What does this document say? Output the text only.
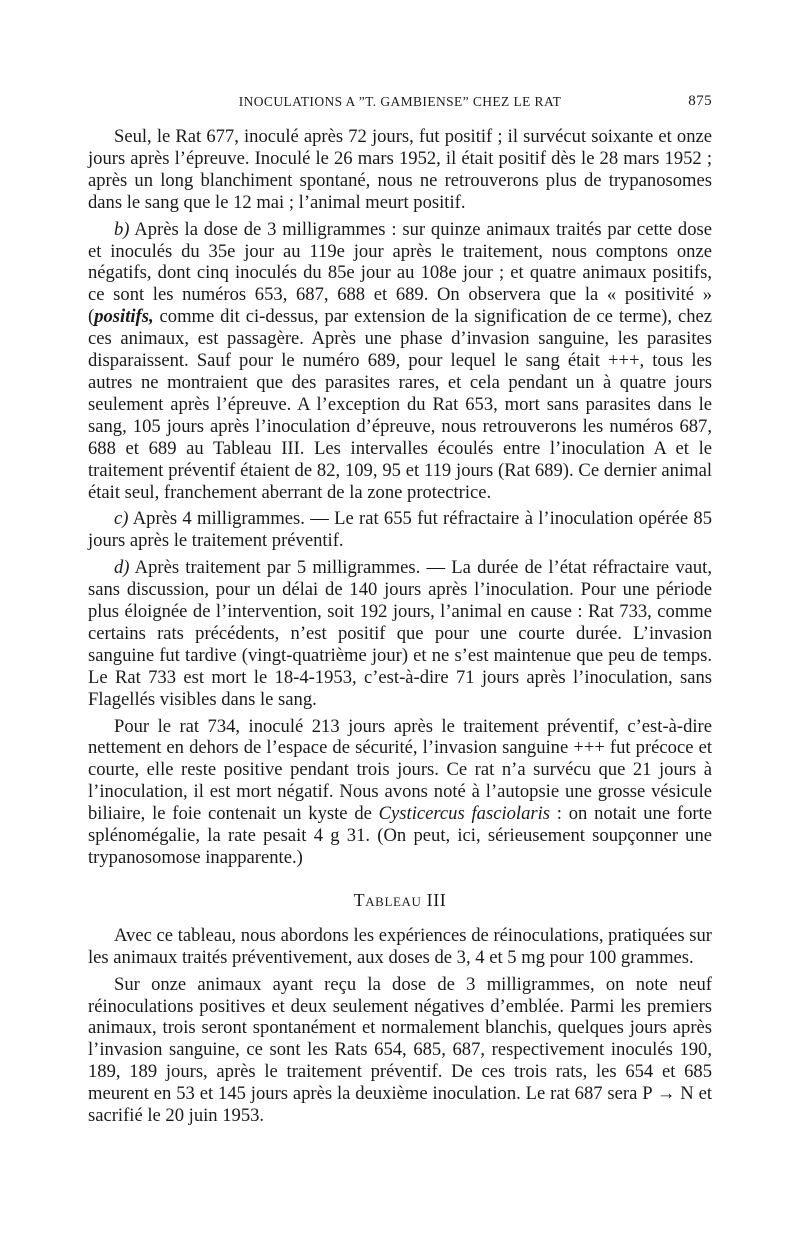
INOCULATIONS A ”T. GAMBIENSE” CHEZ LE RAT	875

Seul, le Rat 677, inoculé après 72 jours, fut positif ; il survécut soixante et onze jours après l’épreuve. Inoculé le 26 mars 1952, il était positif dès le 28 mars 1952 ; après un long blanchiment spontané, nous ne retrouverons plus de trypanosomes dans le sang que le 12 mai ; l’animal meurt positif.

b) Après la dose de 3 milligrammes : sur quinze animaux traités par cette dose et inoculés du 35e jour au 119e jour après le traitement, nous comptons onze négatifs, dont cinq inoculés du 85e jour au 108e jour ; et quatre animaux positifs, ce sont les numéros 653, 687, 688 et 689. On observera que la « positivité » (positifs, comme dit ci-dessus, par extension de la signification de ce terme), chez ces animaux, est passagère. Après une phase d’invasion sanguine, les parasites disparaissent. Sauf pour le numéro 689, pour lequel le sang était +++, tous les autres ne montraient que des parasites rares, et cela pendant un à quatre jours seulement après l’épreuve. A l’exception du Rat 653, mort sans parasites dans le sang, 105 jours après l’inoculation d’épreuve, nous retrouverons les numéros 687, 688 et 689 au Tableau III. Les intervalles écoulés entre l’inoculation A et le traitement préventif étaient de 82, 109, 95 et 119 jours (Rat 689). Ce dernier animal était seul, franchement aberrant de la zone protectrice.

c) Après 4 milligrammes. — Le rat 655 fut réfractaire à l’inoculation opérée 85 jours après le traitement préventif.

d) Après traitement par 5 milligrammes. — La durée de l’état réfractaire vaut, sans discussion, pour un délai de 140 jours après l’inoculation. Pour une période plus éloignée de l’intervention, soit 192 jours, l’animal en cause : Rat 733, comme certains rats précédents, n’est positif que pour une courte durée. L’invasion sanguine fut tardive (vingt-quatrième jour) et ne s’est maintenue que peu de temps. Le Rat 733 est mort le 18-4-1953, c’est-à-dire 71 jours après l’inoculation, sans Flagellés visibles dans le sang.

Pour le rat 734, inoculé 213 jours après le traitement préventif, c’est-à-dire nettement en dehors de l’espace de sécurité, l’invasion sanguine +++ fut précoce et courte, elle reste positive pendant trois jours. Ce rat n’a survécu que 21 jours à l’inoculation, il est mort négatif. Nous avons noté à l’autopsie une grosse vésicule biliaire, le foie contenait un kyste de Cysticercus fasciolaris : on notait une forte splénomégalie, la rate pesait 4 g 31. (On peut, ici, sérieusement soupçonner une trypanosomose inapparente.)

Tableau III

Avec ce tableau, nous abordons les expériences de réinoculations, pratiquées sur les animaux traités préventivement, aux doses de 3, 4 et 5 mg pour 100 grammes.

Sur onze animaux ayant reçu la dose de 3 milligrammes, on note neuf réinoculations positives et deux seulement négatives d’emblée. Parmi les premiers animaux, trois seront spontanément et normalement blanchis, quelques jours après l’invasion sanguine, ce sont les Rats 654, 685, 687, respectivement inoculés 190, 189, 189 jours, après le traitement préventif. De ces trois rats, les 654 et 685 meurent en 53 et 145 jours après la deuxième inoculation. Le rat 687 sera P → N et sacrifié le 20 juin 1953.
